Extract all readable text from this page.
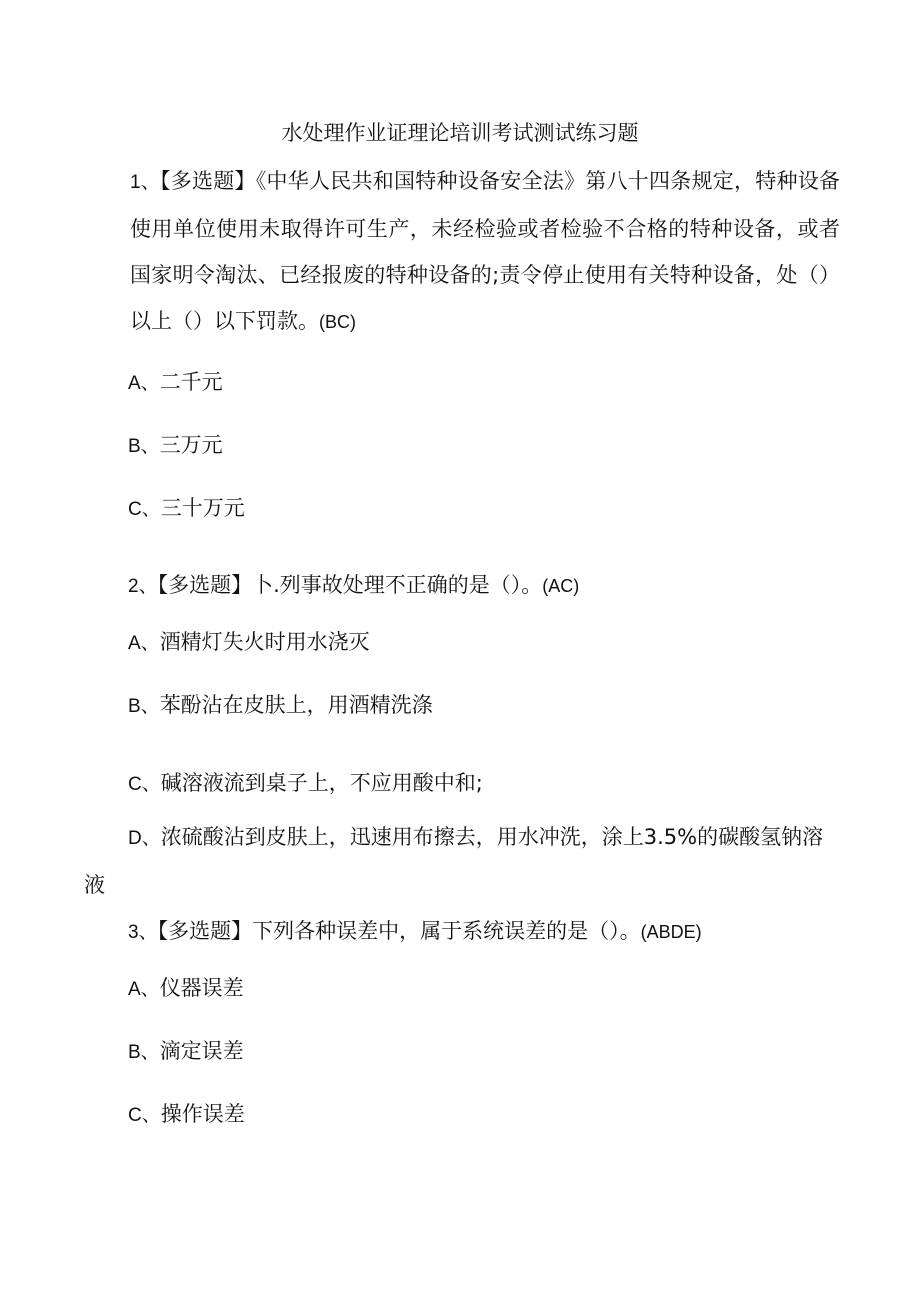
水处理作业证理论培训考试测试练习题
1、【多选题】《中华人民共和国特种设备安全法》第八十四条规定，特种设备使用单位使用未取得许可生产，未经检验或者检验不合格的特种设备，或者国家明令淘汰、已经报废的特种设备的;责令停止使用有关特种设备，处（）以上（）以下罚款。(BC)
A、二千元
B、三万元
C、三十万元
2、【多选题】卜.列事故处理不正确的是（）。(AC)
A、酒精灯失火时用水浇灭
B、苯酚沾在皮肤上，用酒精洗涤
C、碱溶液流到桌子上，不应用酸中和;
D、浓硫酸沾到皮肤上，迅速用布擦去，用水冲洗，涂上3.5%的碳酸氢钠溶液
3、【多选题】下列各种误差中，属于系统误差的是（）。(ABDE)
A、仪器误差
B、滴定误差
C、操作误差
